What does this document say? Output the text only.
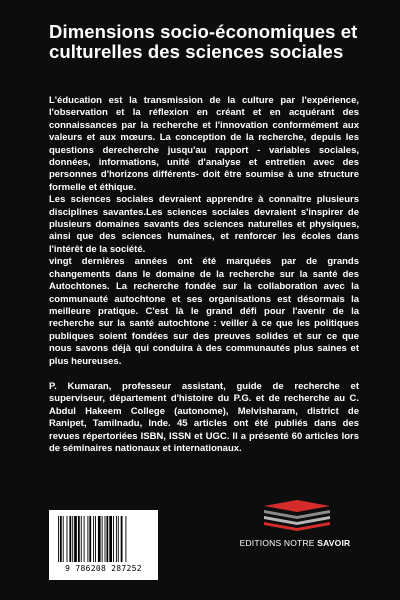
Dimensions socio-économiques et culturelles des sciences sociales

L'éducation est la transmission de la culture par l'expérience, l'observation et la réflexion en créant et en acquérant des connaissances par la recherche et l'innovation conformément aux valeurs et aux mœurs. La conception de la recherche, depuis les questions derecherche jusqu'au rapport - variables sociales, données, informations, unité d'analyse et entretien avec des personnes d'horizons différents- doit être soumise à une structure formelle et éthique.

Les sciences sociales devraient apprendre à connaître plusieurs disciplines savantes.Les sciences sociales devraient s'inspirer de plusieurs domaines savants des sciences naturelles et physiques, ainsi que des sciences humaines, et renforcer les écoles dans l'intérêt de la société.

vingt dernières années ont été marquées par de grands changements dans le domaine de la recherche sur la santé des Autochtones. La recherche fondée sur la collaboration avec la communauté autochtone et ses organisations est désormais la meilleure pratique. C'est là le grand défi pour l'avenir de la recherche sur la santé autochtone : veiller à ce que les politiques publiques soient fondées sur des preuves solides et sur ce que nous savons déjà qui conduira à des communautés plus saines et plus heureuses.

P. Kumaran, professeur assistant, guide de recherche et superviseur, département d'histoire du P.G. et de recherche au C. Abdul Hakeem College (autonome), Melvisharam, district de Ranipet, Tamilnadu, Inde. 45 articles ont été publiés dans des revues répertoriées ISBN, ISSN et UGC. Il a présenté 60 articles lors de séminaires nationaux et internationaux.

9 786208 287252
EDITIONS NOTRE SAVOIR
